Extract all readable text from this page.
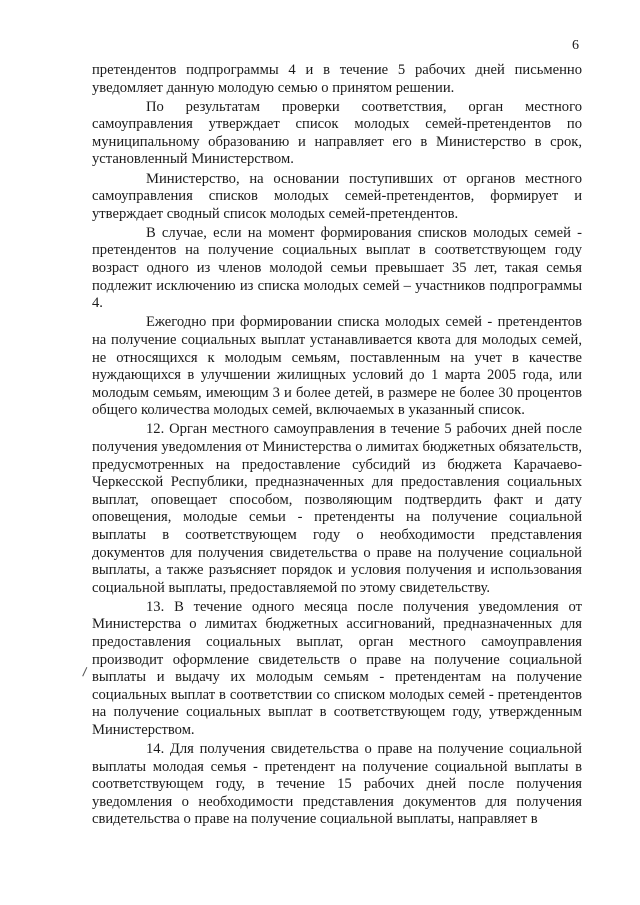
6

претендентов подпрограммы 4 и в течение 5 рабочих дней письменно уведомляет данную молодую семью о принятом решении.

По результатам проверки соответствия, орган местного самоуправления утверждает список молодых семей-претендентов по муниципальному образованию и направляет его в Министерство в срок, установленный Министерством.

Министерство, на основании поступивших от органов местного самоуправления списков молодых семей-претендентов, формирует и утверждает сводный список молодых семей-претендентов.

В случае, если на момент формирования списков молодых семей - претендентов на получение социальных выплат в соответствующем году возраст одного из членов молодой семьи превышает 35 лет, такая семья подлежит исключению из списка молодых семей – участников подпрограммы 4.

Ежегодно при формировании списка молодых семей - претендентов на получение социальных выплат устанавливается квота для молодых семей, не относящихся к молодым семьям, поставленным на учет в качестве нуждающихся в улучшении жилищных условий до 1 марта 2005 года, или молодым семьям, имеющим 3 и более детей, в размере не более 30 процентов общего количества молодых семей, включаемых в указанный список.

12. Орган местного самоуправления в течение 5 рабочих дней после получения уведомления от Министерства о лимитах бюджетных обязательств, предусмотренных на предоставление субсидий из бюджета Карачаево-Черкесской Республики, предназначенных для предоставления социальных выплат, оповещает способом, позволяющим подтвердить факт и дату оповещения, молодые семьи - претенденты на получение социальной выплаты в соответствующем году о необходимости представления документов для получения свидетельства о праве на получение социальной выплаты, а также разъясняет порядок и условия получения и использования социальной выплаты, предоставляемой по этому свидетельству.

13. В течение одного месяца после получения уведомления от Министерства о лимитах бюджетных ассигнований, предназначенных для предоставления социальных выплат, орган местного самоуправления производит оформление свидетельств о праве на получение социальной выплаты и выдачу их молодым семьям - претендентам на получение социальных выплат в соответствии со списком молодых семей - претендентов на получение социальных выплат в соответствующем году, утвержденным Министерством.

14. Для получения свидетельства о праве на получение социальной выплаты молодая семья - претендент на получение социальной выплаты в соответствующем году, в течение 15 рабочих дней после получения уведомления о необходимости представления документов для получения свидетельства о праве на получение социальной выплаты, направляет в
